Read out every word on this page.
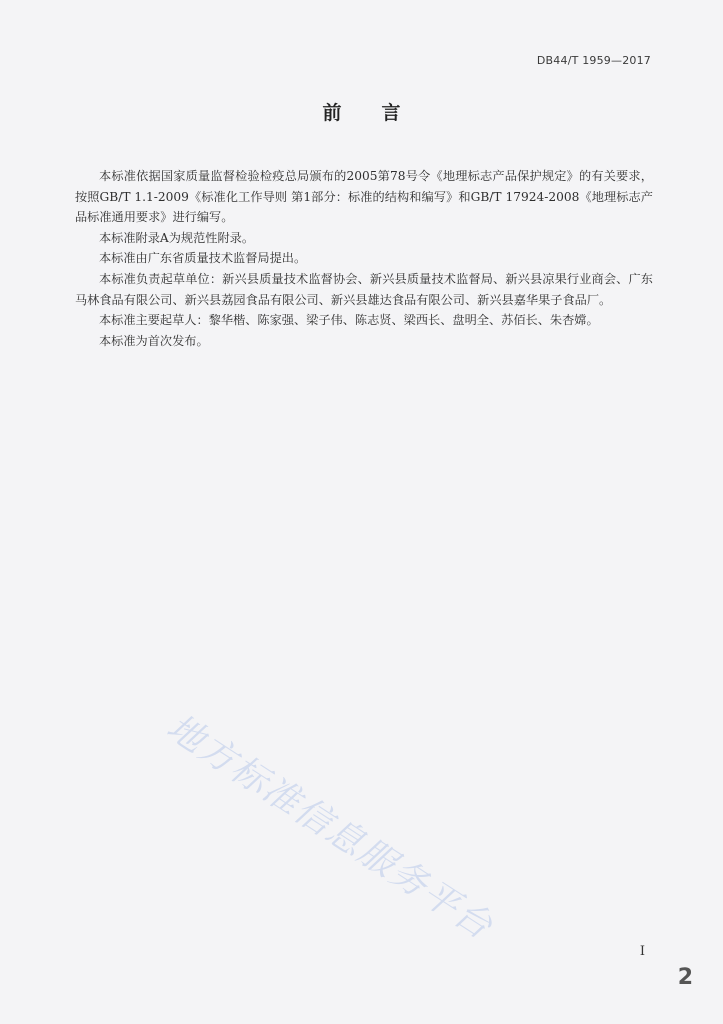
DB44/T 1959—2017
前言

本标准依据国家质量监督检验检疫总局颁布的2005第78号令《地理标志产品保护规定》的有关要求，按照GB/T 1.1-2009《标准化工作导则 第1部分：标准的结构和编写》和GB/T 17924-2008《地理标志产品标准通用要求》进行编写。

本标准附录A为规范性附录。

本标准由广东省质量技术监督局提出。

本标准负责起草单位：新兴县质量技术监督协会、新兴县质量技术监督局、新兴县凉果行业商会、广东马林食品有限公司、新兴县荔园食品有限公司、新兴县雄达食品有限公司、新兴县嘉华果子食品厂。

本标准主要起草人：黎华楷、陈家强、梁子伟、陈志贤、梁西长、盘明全、苏佰长、朱杏嫦。

本标准为首次发布。

地方标准信息服务平台
I
2
